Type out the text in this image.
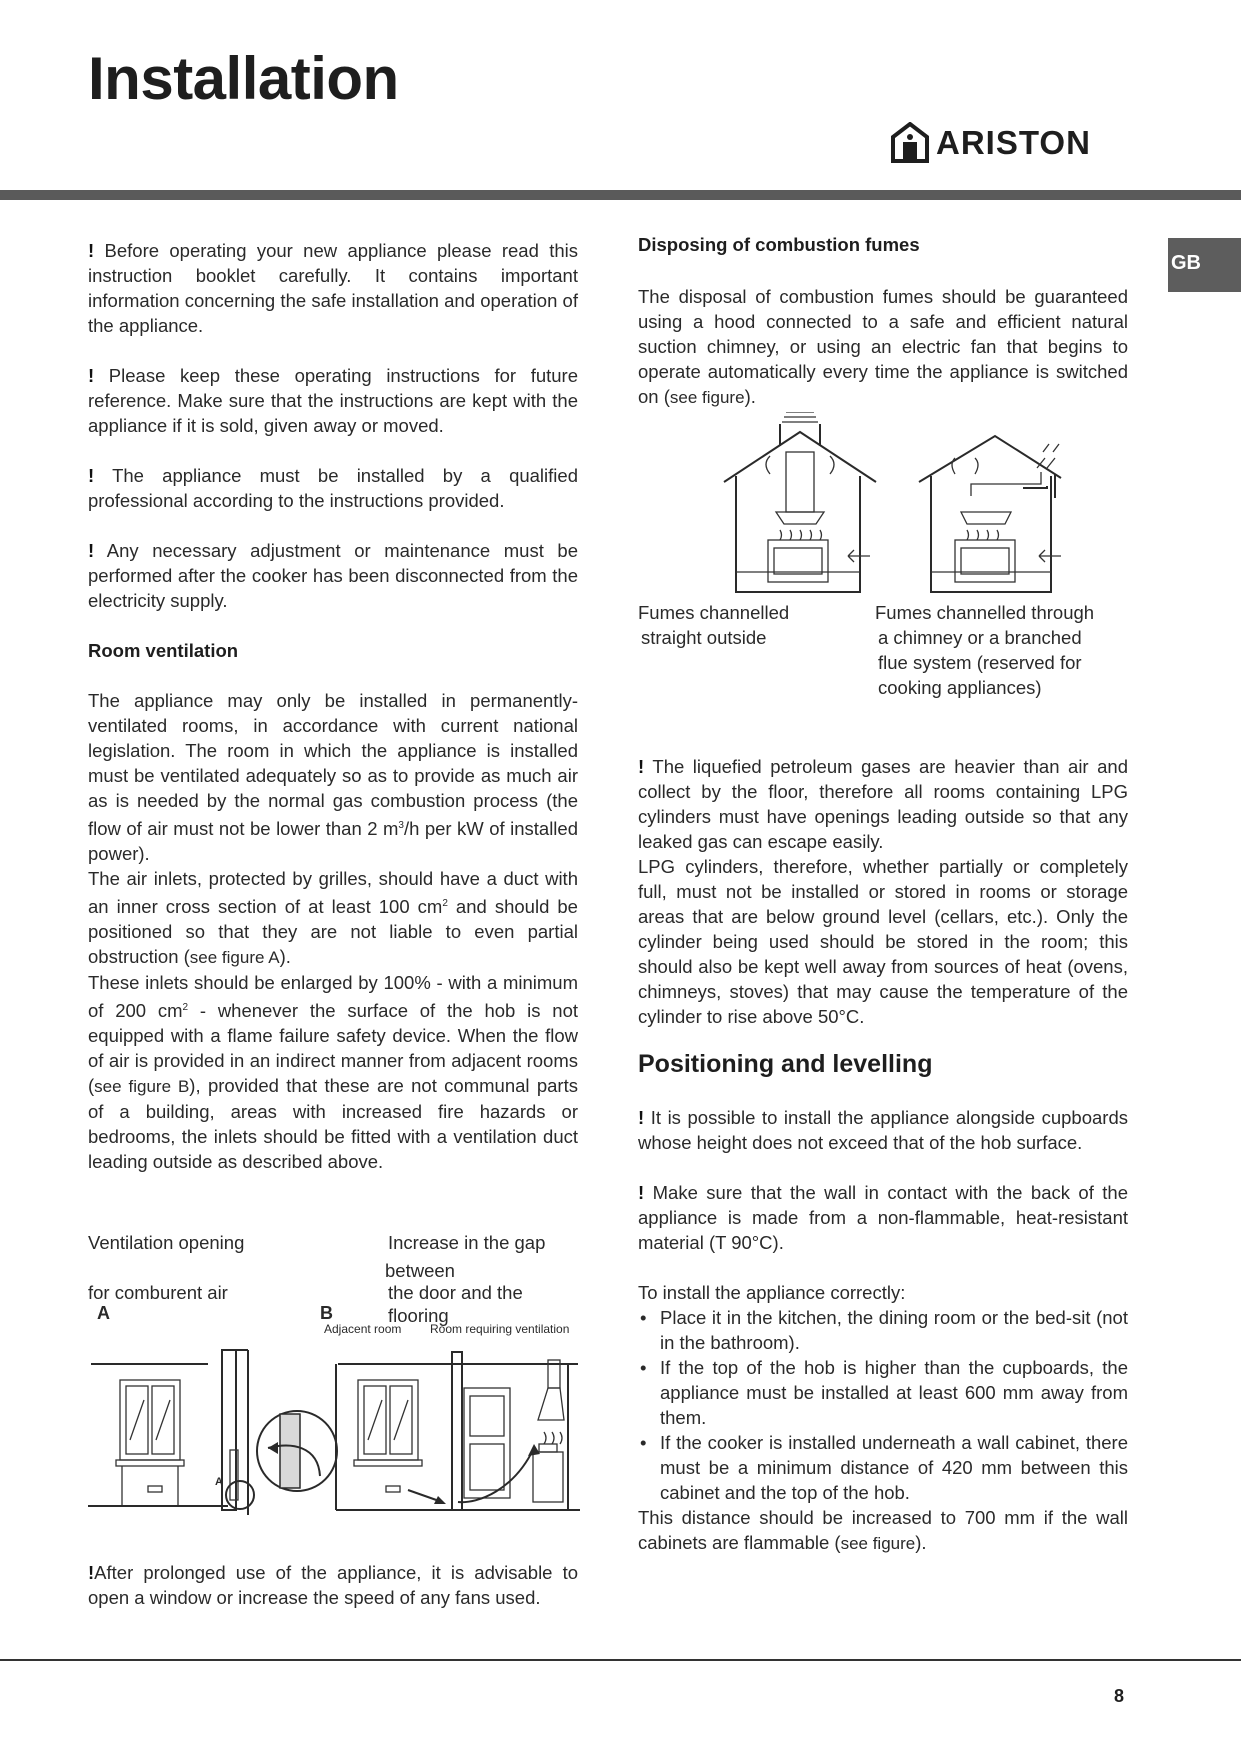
Installation
ARISTON
GB

! Before operating your new appliance please read this instruction booklet carefully. It contains important information concerning the safe installation and operation of the appliance.

! Please keep these operating instructions for future reference. Make sure that the instructions are kept with the appliance if it is sold, given away or moved.

! The appliance must be installed by a qualified professional according to the instructions provided.

! Any necessary adjustment or maintenance must be performed after the cooker has been disconnected from the electricity supply.

Room ventilation

The appliance may only be installed in permanently-ventilated rooms, in accordance with current national legislation. The room in which the appliance is installed must be ventilated adequately so as to provide as much air as is needed by the normal gas combustion process (the flow of air must not be lower than 2 $m^3/h$ per kW of installed power).

The air inlets, protected by grilles, should have a duct with an inner cross section of at least 100 $cm^2$ and should be positioned so that they are not liable to even partial obstruction (see figure A).

These inlets should be enlarged by 100% - with a minimum of 200 $cm^2$ - whenever the surface of the hob is not equipped with a flame failure safety device. When the flow of air is provided in an indirect manner from adjacent rooms (see figure B), provided that these are not communal parts of a building, areas with increased fire hazards or bedrooms, the inlets should be fitted with a ventilation duct leading outside as described above.

Ventilation opening
for comburent air
A
Increase in the gap
between
the door and the
flooring
B
Adjacent room Room requiring ventilation
A

!After prolonged use of the appliance, it is advisable to open a window or increase the speed of any fans used.

Disposing of combustion fumes

The disposal of combustion fumes should be guaranteed using a hood connected to a safe and efficient natural suction chimney, or using an electric fan that begins to operate automatically every time the appliance is switched on (see figure).

Fumes channelled
straight outside
Fumes channelled through
a chimney or a branched
flue system (reserved for
cooking appliances)

! The liquefied petroleum gases are heavier than air and collect by the floor, therefore all rooms containing LPG cylinders must have openings leading outside so that any leaked gas can escape easily.

LPG cylinders, therefore, whether partially or completely full, must not be installed or stored in rooms or storage areas that are below ground level (cellars, etc.). Only the cylinder being used should be stored in the room; this should also be kept well away from sources of heat (ovens, chimneys, stoves) that may cause the temperature of the cylinder to rise above 50°C.

Positioning and levelling

! It is possible to install the appliance alongside cupboards whose height does not exceed that of the hob surface.

! Make sure that the wall in contact with the back of the appliance is made from a non-flammable, heat-resistant material (T 90°C).

To install the appliance correctly:

• Place it in the kitchen, the dining room or the bed-sit (not in the bathroom).

• If the top of the hob is higher than the cupboards, the appliance must be installed at least 600 mm away from them.

• If the cooker is installed underneath a wall cabinet, there must be a minimum distance of 420 mm between this cabinet and the top of the hob.

This distance should be increased to 700 mm if the wall cabinets are flammable (see figure).

8
